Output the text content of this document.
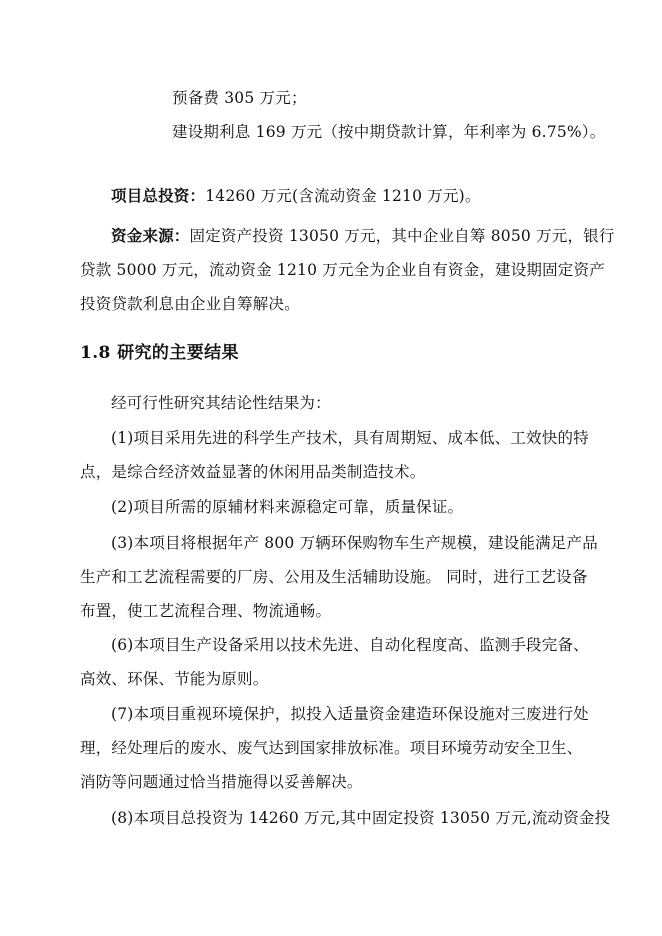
预备费 305 万元；
建设期利息 169 万元（按中期贷款计算，年利率为 6.75%）。
项目总投资：14260 万元(含流动资金 1210 万元)。
资金来源：固定资产投资 13050 万元，其中企业自筹 8050 万元，银行
贷款 5000 万元，流动资金 1210 万元全为企业自有资金，建设期固定资产
投资贷款利息由企业自筹解决。
1.8 研究的主要结果
经可行性研究其结论性结果为：
(1)项目采用先进的科学生产技术，具有周期短、成本低、工效快的特
点，是综合经济效益显著的休闲用品类制造技术。
(2)项目所需的原辅材料来源稳定可靠，质量保证。
(3)本项目将根据年产 800 万辆环保购物车生产规模，建设能满足产品
生产和工艺流程需要的厂房、公用及生活辅助设施。 同时，进行工艺设备
布置，使工艺流程合理、物流通畅。
(6)本项目生产设备采用以技术先进、自动化程度高、监测手段完备、
高效、环保、节能为原则。
(7)本项目重视环境保护，拟投入适量资金建造环保设施对三废进行处
理，经处理后的废水、废气达到国家排放标准。项目环境劳动安全卫生、
消防等问题通过恰当措施得以妥善解决。
(8)本项目总投资为 14260 万元,其中固定投资 13050 万元,流动资金投
